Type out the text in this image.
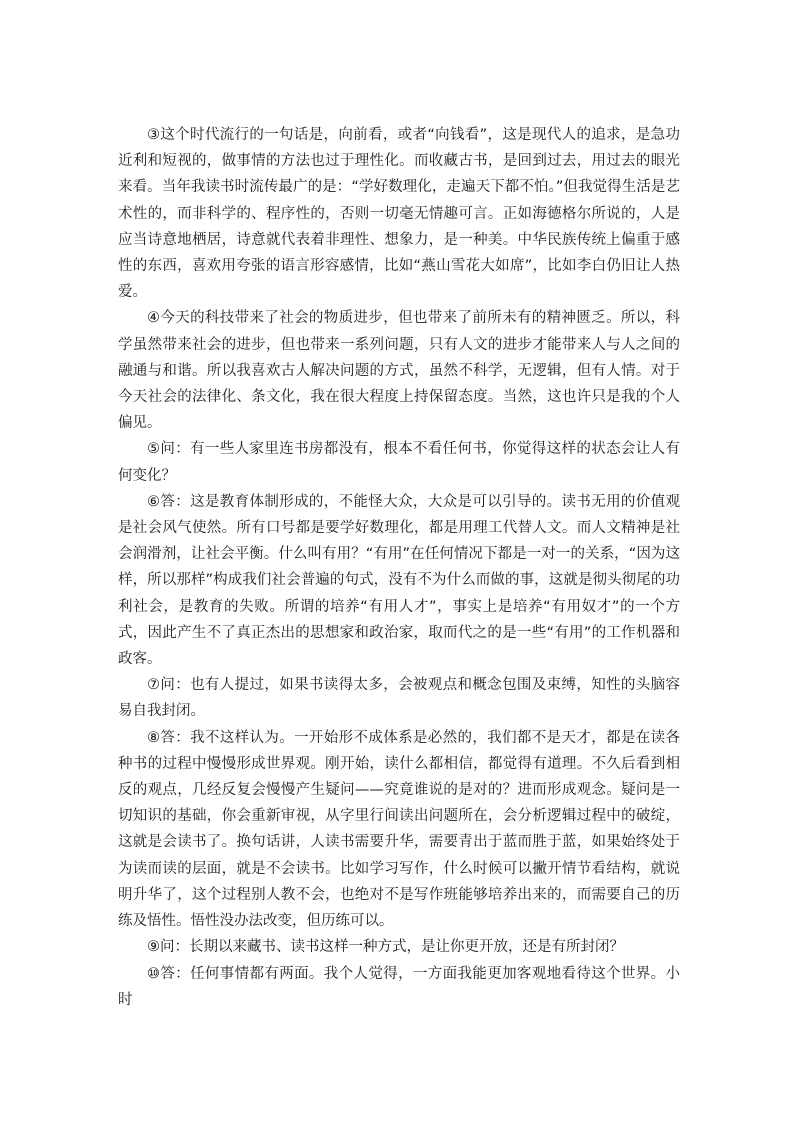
③这个时代流行的一句话是，向前看，或者“向钱看”，这是现代人的追求，是急功近利和短视的，做事情的方法也过于理性化。而收藏古书，是回到过去，用过去的眼光来看。当年我读书时流传最广的是：“学好数理化，走遍天下都不怕。”但我觉得生活是艺术性的，而非科学的、程序性的，否则一切毫无情趣可言。正如海德格尔所说的，人是应当诗意地栖居，诗意就代表着非理性、想象力，是一种美。中华民族传统上偏重于感性的东西，喜欢用夸张的语言形容感情，比如“燕山雪花大如席”，比如李白仍旧让人热爱。

④今天的科技带来了社会的物质进步，但也带来了前所未有的精神匮乏。所以，科学虽然带来社会的进步，但也带来一系列问题，只有人文的进步才能带来人与人之间的融通与和谐。所以我喜欢古人解决问题的方式，虽然不科学，无逻辑，但有人情。对于今天社会的法律化、条文化，我在很大程度上持保留态度。当然，这也许只是我的个人偏见。

⑤问：有一些人家里连书房都没有，根本不看任何书，你觉得这样的状态会让人有何变化？

⑥答：这是教育体制形成的，不能怪大众，大众是可以引导的。读书无用的价值观是社会风气使然。所有口号都是要学好数理化，都是用理工代替人文。而人文精神是社会润滑剂，让社会平衡。什么叫有用？“有用”在任何情况下都是一对一的关系，“因为这样，所以那样”构成我们社会普遍的句式，没有不为什么而做的事，这就是彻头彻尾的功利社会，是教育的失败。所谓的培养“有用人才”，事实上是培养“有用奴才”的一个方式，因此产生不了真正杰出的思想家和政治家，取而代之的是一些“有用”的工作机器和政客。

⑦问：也有人提过，如果书读得太多，会被观点和概念包围及束缚，知性的头脑容易自我封闭。

⑧答：我不这样认为。一开始形不成体系是必然的，我们都不是天才，都是在读各种书的过程中慢慢形成世界观。刚开始，读什么都相信，都觉得有道理。不久后看到相反的观点，几经反复会慢慢产生疑问——究竟谁说的是对的？进而形成观念。疑问是一切知识的基础，你会重新审视，从字里行间读出问题所在，会分析逻辑过程中的破绽，这就是会读书了。换句话讲，人读书需要升华，需要青出于蓝而胜于蓝，如果始终处于为读而读的层面，就是不会读书。比如学习写作，什么时候可以撇开情节看结构，就说明升华了，这个过程别人教不会，也绝对不是写作班能够培养出来的，而需要自己的历练及悟性。悟性没办法改变，但历练可以。

⑨问：长期以来藏书、读书这样一种方式，是让你更开放，还是有所封闭？

⑩答：任何事情都有两面。我个人觉得，一方面我能更加客观地看待这个世界。小时
